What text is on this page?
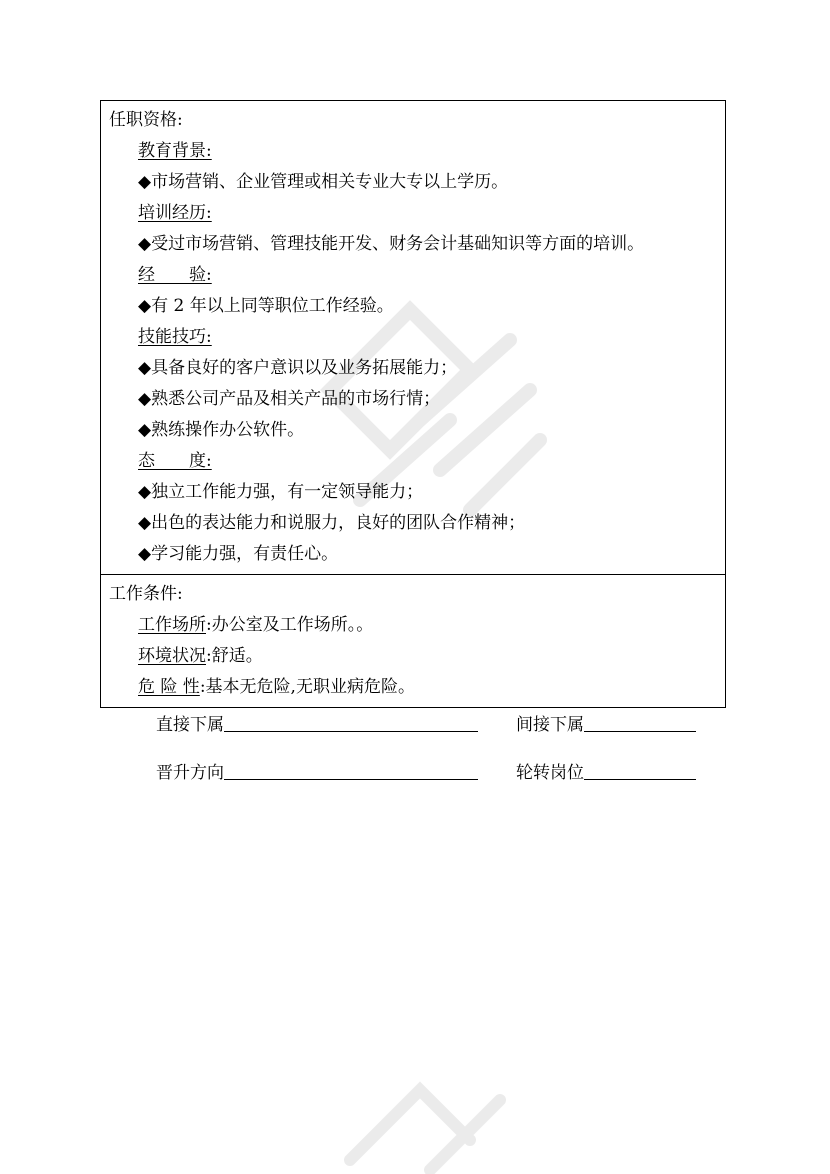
任职资格:
教育背景:
◆市场营销、企业管理或相关专业大专以上学历。
培训经历:
◆受过市场营销、管理技能开发、财务会计基础知识等方面的培训。
经　　验:
◆有 2 年以上同等职位工作经验。
技能技巧:
◆具备良好的客户意识以及业务拓展能力；
◆熟悉公司产品及相关产品的市场行情；
◆熟练操作办公软件。
态　　度:
◆独立工作能力强，有一定领导能力；
◆出色的表达能力和说服力，良好的团队合作精神；
◆学习能力强，有责任心。
工作条件:
工作场所:办公室及工作场所。。
环境状况:舒适。
危 险 性:基本无危险,无职业病危险。
直接下属	间接下属
晋升方向	轮转岗位
